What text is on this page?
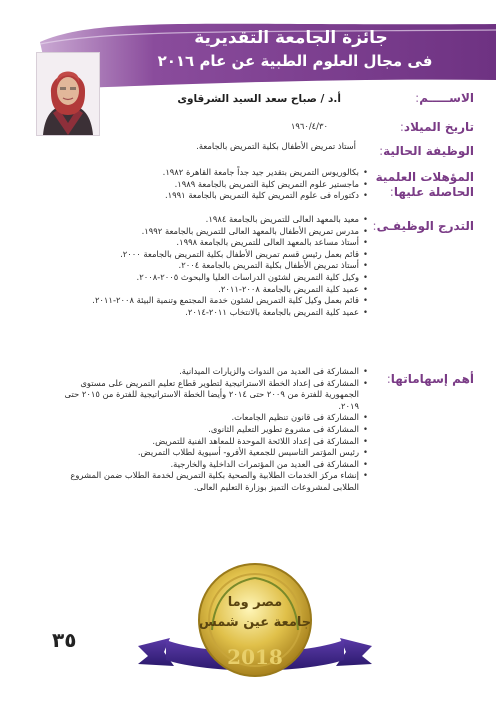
جائزة الجامعة التقديرية
فى مجال العلوم الطبية عن عام ٢٠١٦
الاســـــم:
تاريخ الميلاد:
الوظيفة الحالية:
المؤهلات العلمية
الحاصلة عليها:
التدرج الوظيفـى:
أهم إسهاماتها:
أ.د / صباح سعد السيد الشرقاوى
١٩٦٠/٤/٣٠
أستاذ تمريض الأطفال بكلية التمريض بالجامعة.
• بكالوريوس التمريض بتقدير جيد جداً جامعة القاهرة ١٩٨٢.
• ماجستير علوم التمريض كلية التمريض بالجامعة ١٩٨٩.
• دكتوراه فى علوم التمريض كلية التمريض بالجامعة ١٩٩١.
• معيد بالمعهد العالى للتمريض بالجامعة ١٩٨٤.
• مدرس تمريض الأطفال بالمعهد العالى للتمريض بالجامعة ١٩٩٢.
• أستاذ مساعد بالمعهد العالى للتمريض بالجامعة ١٩٩٨.
• قائم بعمل رئيس قسم تمريض الأطفال بكلية التمريض بالجامعة ٢٠٠٠.
• أستاذ تمريض الأطفال بكلية التمريض بالجامعة ٢٠٠٤.
• وكيل كلية التمريض لشئون الدراسات العليا والبحوث ٢٠٠٥-٢٠٠٨.
• عميد كلية التمريض بالجامعة ٢٠٠٨-٢٠١١.
• قائم بعمل وكيل كلية التمريض لشئون خدمة المجتمع وتنمية البيئة ٢٠٠٨-٢٠١١.
• عميد كلية التمريض بالجامعة بالانتخاب ٢٠١١-٢٠١٤.
• المشاركة فى العديد من الندوات والزيارات الميدانية.
• المشاركة فى إعداد الخطة الاستراتيجية لتطوير قطاع تعليم التمريض على مستوى الجمهورية للفترة من ٢٠٠٩ حتى ٢٠١٤ وأيضا الخطة الاستراتيجية للفترة من ٢٠١٥ حتى ٢٠١٩.
• المشاركة فى قانون تنظيم الجامعات.
• المشاركة فى مشروع تطوير التعليم الثانوى.
• المشاركة فى إعداد اللائحة الموحدة للمعاهد الفنية للتمريض.
• رئيس المؤتمر التاسيس للجمعية الأفرو- أسيوية لطلاب التمريض.
• المشاركة فى العديد من المؤتمرات الداخلية والخارجية.
• إنشاء مركز الخدمات الطلابية والصحية بكلية التمريض لخدمة الطلاب ضمن المشروع الطلابى لمشروعات التميز بوزارة التعليم العالى.
٣٥
مصر وما
جامعة عين شمس
2018
